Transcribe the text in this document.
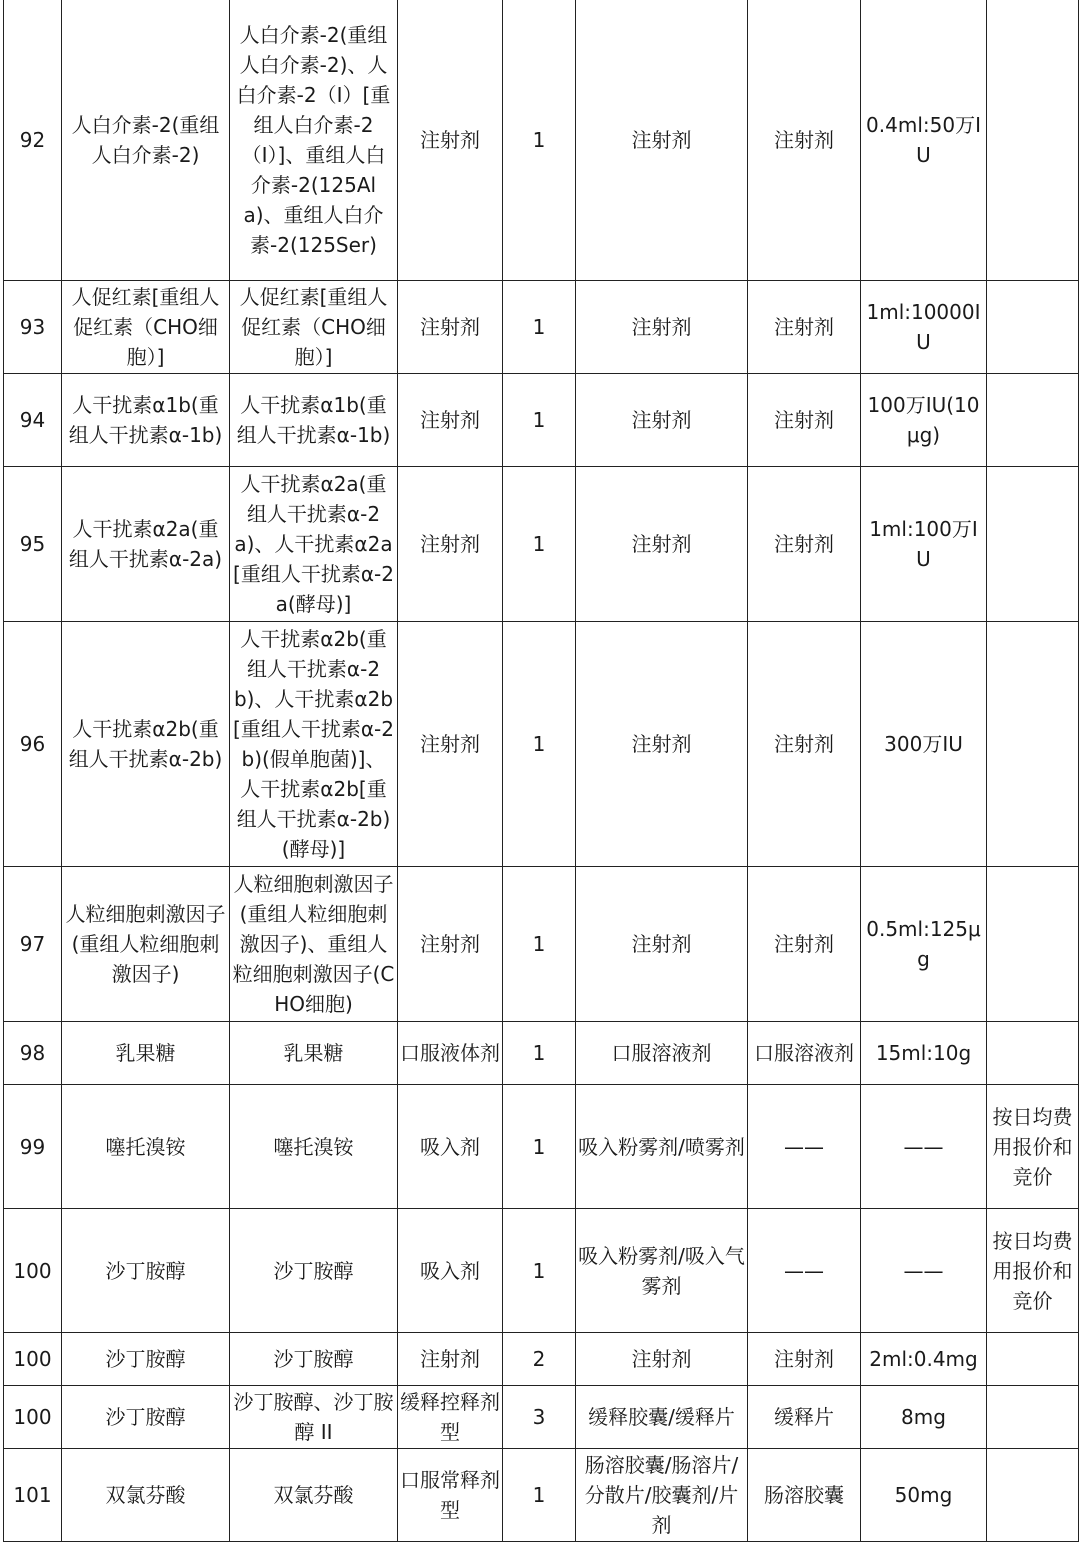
92	人白介素-2(重组人白介素-2)	人白介素-2(重组人白介素-2)、人白介素-2（I）[重组人白介素-2（I）]、重组人白介素-2(125Ala)、重组人白介素-2(125Ser)	注射剂	1	注射剂	注射剂	0.4ml:50万IU	
93	人促红素[重组人促红素（CHO细胞）]	人促红素[重组人促红素（CHO细胞）]	注射剂	1	注射剂	注射剂	1ml:10000IU	
94	人干扰素α1b(重组人干扰素α-1b)	人干扰素α1b(重组人干扰素α-1b)	注射剂	1	注射剂	注射剂	100万IU(10μg)	
95	人干扰素α2a(重组人干扰素α-2a)	人干扰素α2a(重组人干扰素α-2a)、人干扰素α2a[重组人干扰素α-2a(酵母)]	注射剂	1	注射剂	注射剂	1ml:100万IU	
96	人干扰素α2b(重组人干扰素α-2b)	人干扰素α2b(重组人干扰素α-2b)、人干扰素α2b[重组人干扰素α-2b)(假单胞菌)]、人干扰素α2b[重组人干扰素α-2b)(酵母)]	注射剂	1	注射剂	注射剂	300万IU	
97	人粒细胞刺激因子(重组人粒细胞刺激因子)	人粒细胞刺激因子(重组人粒细胞刺激因子)、重组人粒细胞刺激因子(CHO细胞)	注射剂	1	注射剂	注射剂	0.5ml:125μg	
98	乳果糖	乳果糖	口服液体剂	1	口服溶液剂	口服溶液剂	15ml:10g	
99	噻托溴铵	噻托溴铵	吸入剂	1	吸入粉雾剂/喷雾剂	——	——	按日均费用报价和竞价
100	沙丁胺醇	沙丁胺醇	吸入剂	1	吸入粉雾剂/吸入气雾剂	——	——	按日均费用报价和竞价
100	沙丁胺醇	沙丁胺醇	注射剂	2	注射剂	注射剂	2ml:0.4mg	
100	沙丁胺醇	沙丁胺醇、沙丁胺醇 II	缓释控释剂型	3	缓释胶囊/缓释片	缓释片	8mg	
101	双氯芬酸	双氯芬酸	口服常释剂型	1	肠溶胶囊/肠溶片/分散片/胶囊剂/片剂	肠溶胶囊	50mg	
